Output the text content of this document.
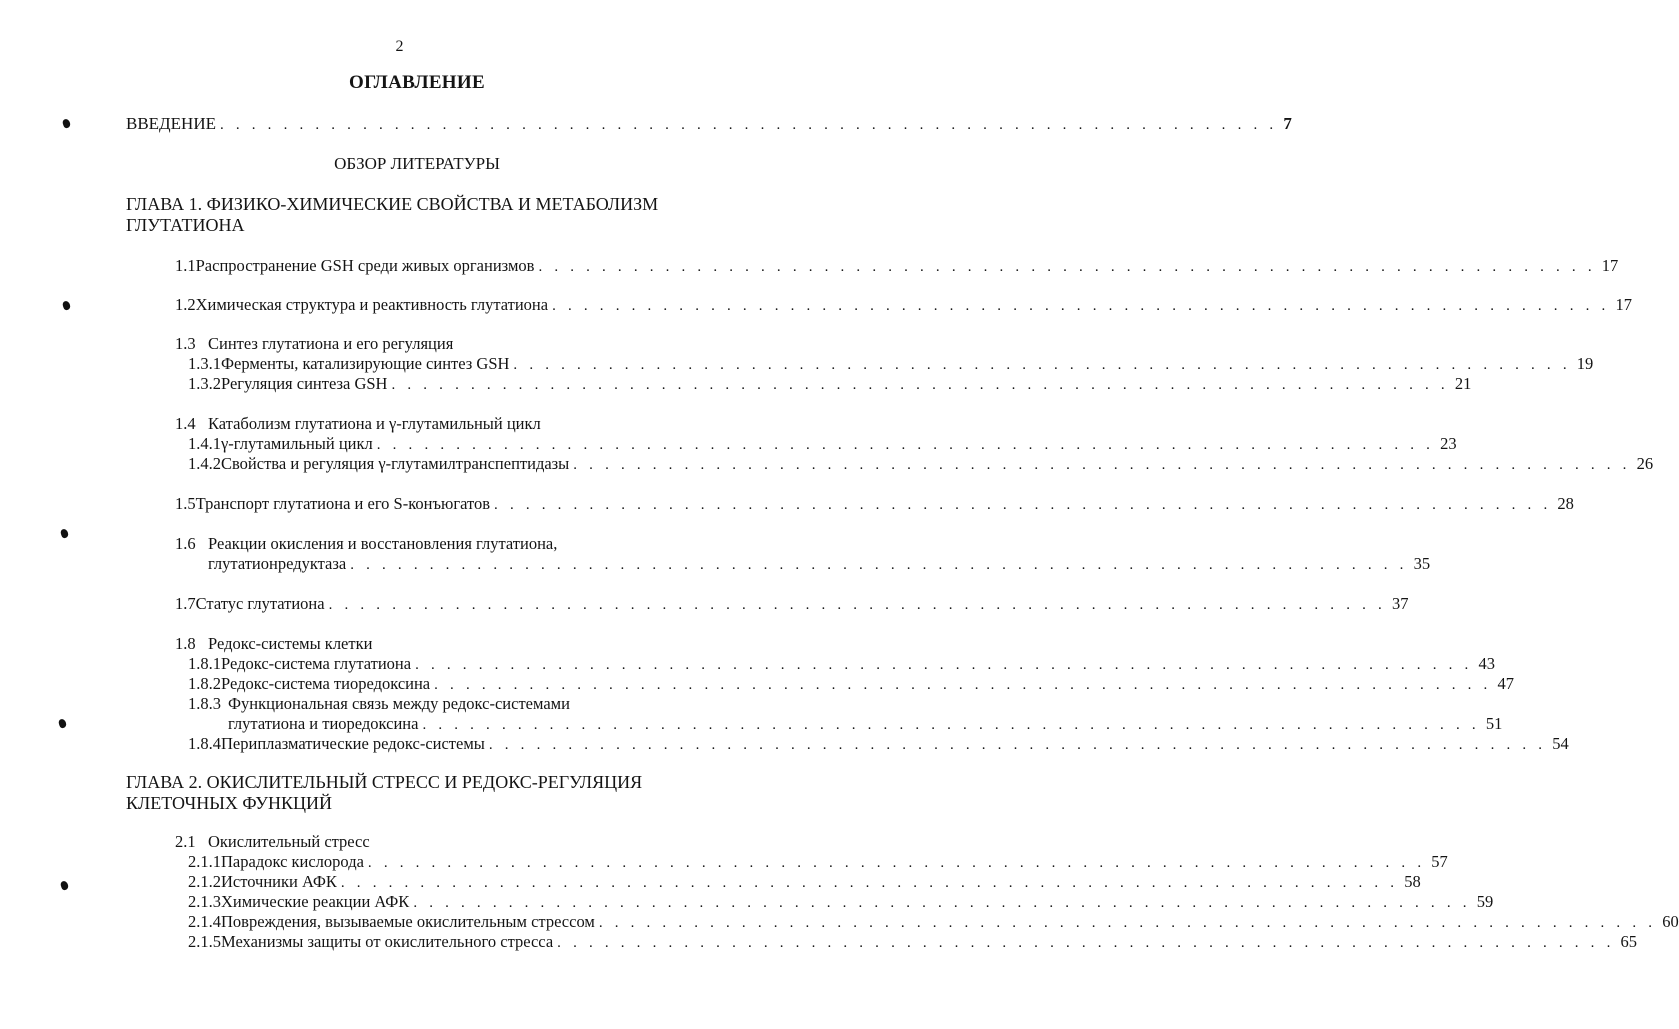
2
ОГЛАВЛЕНИЕ
ВВЕДЕНИЕ . . . . . . . . . . . . . . . . . . . . . . . . . . . . . . . . . . . . . . . . . . . . . . . . . . . . . . . . . . . . . . . . . . . 7
ОБЗОР ЛИТЕРАТУРЫ
ГЛАВА 1. ФИЗИКО-ХИМИЧЕСКИЕ СВОЙСТВА И МЕТАБОЛИЗМ
ГЛУТАТИОНА
1.1 Распространение GSH среди живых организмов . . . . . . . . . . . . . . . . . . . . . . . . . . . . . . . . . . . . . . . . . . . . . . . . . . . . . . . . . . . . . . . . . . . 17
1.2 Химическая структура и реактивность глутатиона . . . . . . . . . . . . . . . . . . . . . . . . . . . . . . . . . . . . . . . . . . . . . . . . . . . . . . . . . . . . . . . . . . . 17
1.3 Синтез глутатиона и его регуляция
1.3.1 Ферменты, катализирующие синтез GSH . . . . . . . . . . . . . . . . . . . . . . . . . . . . . . . . . . . . . . . . . . . . . . . . . . . . . . . . . . . . . . . . . . . 19
1.3.2 Регуляция синтеза GSH . . . . . . . . . . . . . . . . . . . . . . . . . . . . . . . . . . . . . . . . . . . . . . . . . . . . . . . . . . . . . . . . . . . 21
1.4 Катаболизм глутатиона и γ-глутамильный цикл
1.4.1 γ-глутамильный цикл . . . . . . . . . . . . . . . . . . . . . . . . . . . . . . . . . . . . . . . . . . . . . . . . . . . . . . . . . . . . . . . . . . . 23
1.4.2 Свойства и регуляция γ-глутамилтранспептидазы . . . . . . . . . . . . . . . . . . . . . . . . . . . . . . . . . . . . . . . . . . . . . . . . . . . . . . . . . . . . . . . . . . . 26
1.5 Транспорт глутатиона и его S-конъюгатов . . . . . . . . . . . . . . . . . . . . . . . . . . . . . . . . . . . . . . . . . . . . . . . . . . . . . . . . . . . . . . . . . . . 28
1.6 Реакции окисления и восстановления глутатиона,
глутатионредуктаза . . . . . . . . . . . . . . . . . . . . . . . . . . . . . . . . . . . . . . . . . . . . . . . . . . . . . . . . . . . . . . . . . . . 35
1.7 Статус глутатиона . . . . . . . . . . . . . . . . . . . . . . . . . . . . . . . . . . . . . . . . . . . . . . . . . . . . . . . . . . . . . . . . . . . 37
1.8 Редокс-системы клетки
1.8.1 Редокс-система глутатиона . . . . . . . . . . . . . . . . . . . . . . . . . . . . . . . . . . . . . . . . . . . . . . . . . . . . . . . . . . . . . . . . . . . 43
1.8.2 Редокс-система тиоредоксина . . . . . . . . . . . . . . . . . . . . . . . . . . . . . . . . . . . . . . . . . . . . . . . . . . . . . . . . . . . . . . . . . . . 47
1.8.3 Функциональная связь между редокс-системами
глутатиона и тиоредоксина . . . . . . . . . . . . . . . . . . . . . . . . . . . . . . . . . . . . . . . . . . . . . . . . . . . . . . . . . . . . . . . . . . . 51
1.8.4 Периплазматические редокс-системы . . . . . . . . . . . . . . . . . . . . . . . . . . . . . . . . . . . . . . . . . . . . . . . . . . . . . . . . . . . . . . . . . . . 54
ГЛАВА 2. ОКИСЛИТЕЛЬНЫЙ СТРЕСС И РЕДОКС-РЕГУЛЯЦИЯ
КЛЕТОЧНЫХ ФУНКЦИЙ
2.1 Окислительный стресс
2.1.1 Парадокс кислорода . . . . . . . . . . . . . . . . . . . . . . . . . . . . . . . . . . . . . . . . . . . . . . . . . . . . . . . . . . . . . . . . . . . 57
2.1.2 Источники АФК . . . . . . . . . . . . . . . . . . . . . . . . . . . . . . . . . . . . . . . . . . . . . . . . . . . . . . . . . . . . . . . . . . . 58
2.1.3 Химические реакции АФК . . . . . . . . . . . . . . . . . . . . . . . . . . . . . . . . . . . . . . . . . . . . . . . . . . . . . . . . . . . . . . . . . . . 59
2.1.4 Повреждения, вызываемые окислительным стрессом . . . . . . . . . . . . . . . . . . . . . . . . . . . . . . . . . . . . . . . . . . . . . . . . . . . . . . . . . . . . . . . . . . . 60
2.1.5 Механизмы защиты от окислительного стресса . . . . . . . . . . . . . . . . . . . . . . . . . . . . . . . . . . . . . . . . . . . . . . . . . . . . . . . . . . . . . . . . . . . 65
